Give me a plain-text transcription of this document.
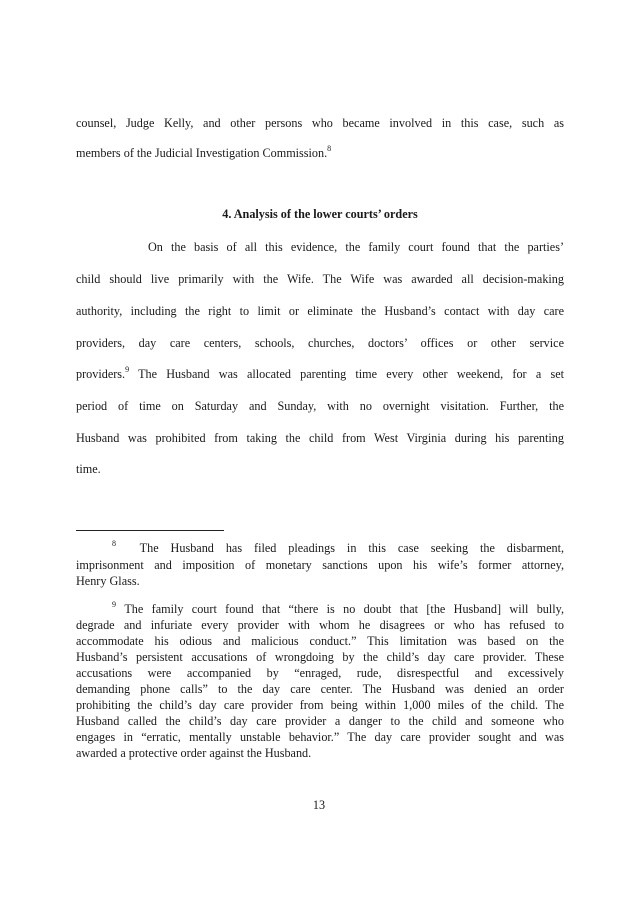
counsel, Judge Kelly, and other persons who became involved in this case, such as
members of the Judicial Investigation Commission.$^8$
4. Analysis of the lower courts’ orders
On the basis of all this evidence, the family court found that the parties’
child should live primarily with the Wife. The Wife was awarded all decision-making
authority, including the right to limit or eliminate the Husband’s contact with day care
providers, day care centers, schools, churches, doctors’ offices or other service
providers.$^9$ The Husband was allocated parenting time every other weekend, for a set
period of time on Saturday and Sunday, with no overnight visitation. Further, the
Husband was prohibited from taking the child from West Virginia during his parenting
time.
$^8$ The Husband has filed pleadings in this case seeking the disbarment,
imprisonment and imposition of monetary sanctions upon his wife’s former attorney,
Henry Glass.
$^9$ The family court found that “there is no doubt that [the Husband] will bully,
degrade and infuriate every provider with whom he disagrees or who has refused to
accommodate his odious and malicious conduct.” This limitation was based on the
Husband’s persistent accusations of wrongdoing by the child’s day care provider. These
accusations were accompanied by “enraged, rude, disrespectful and excessively
demanding phone calls” to the day care center. The Husband was denied an order
prohibiting the child’s day care provider from being within 1,000 miles of the child. The
Husband called the child’s day care provider a danger to the child and someone who
engages in “erratic, mentally unstable behavior.” The day care provider sought and was
awarded a protective order against the Husband.
13
